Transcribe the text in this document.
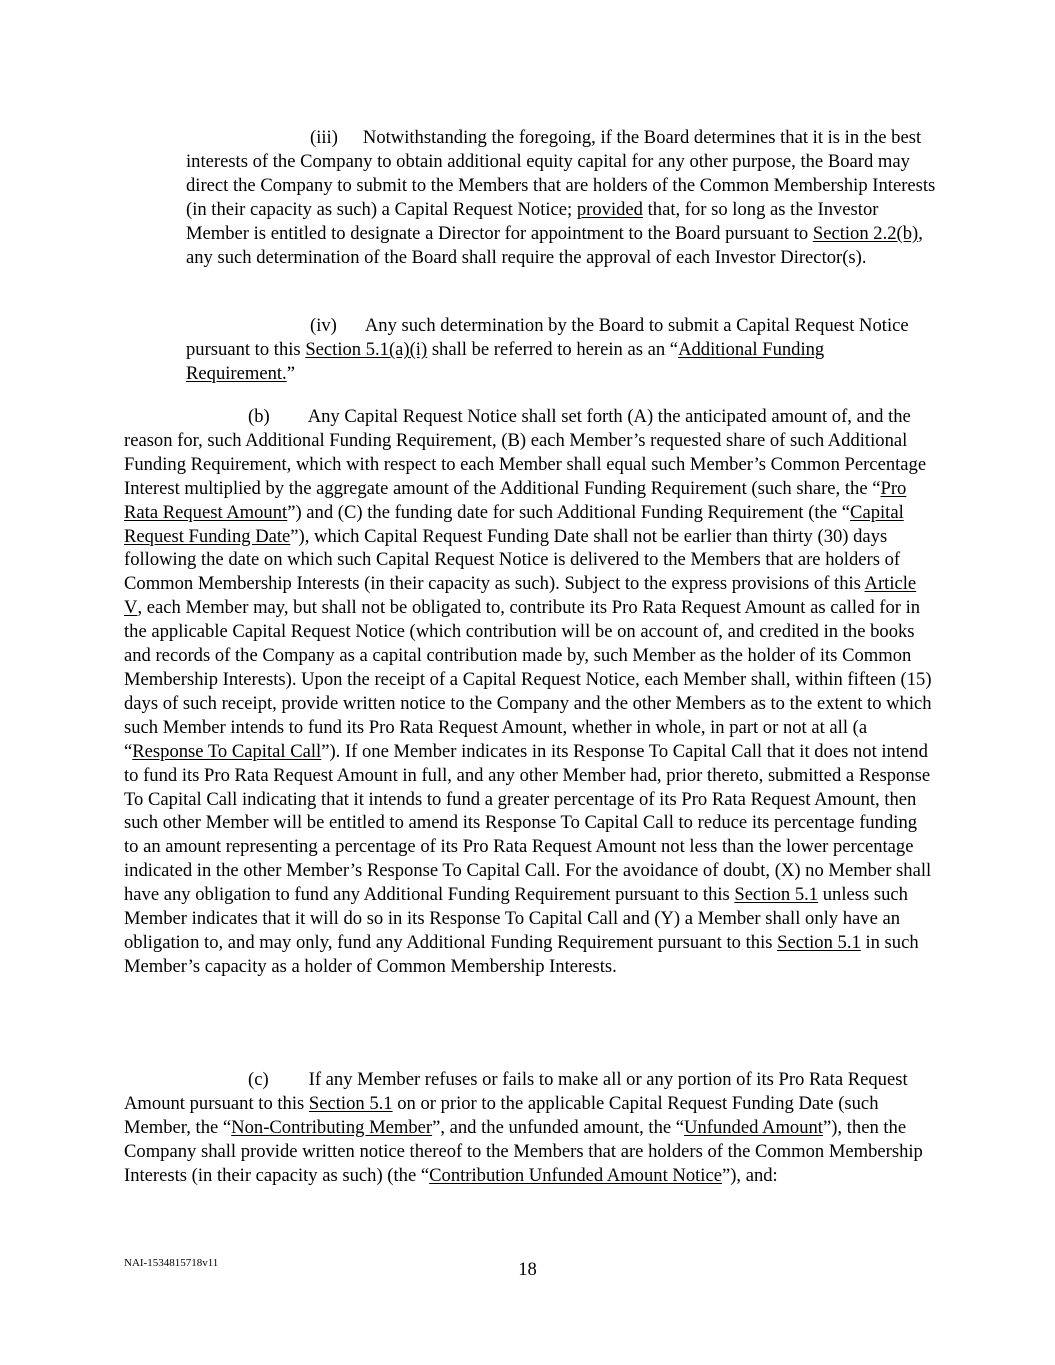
(iii) Notwithstanding the foregoing, if the Board determines that it is in the best interests of the Company to obtain additional equity capital for any other purpose, the Board may direct the Company to submit to the Members that are holders of the Common Membership Interests (in their capacity as such) a Capital Request Notice; provided that, for so long as the Investor Member is entitled to designate a Director for appointment to the Board pursuant to Section 2.2(b), any such determination of the Board shall require the approval of each Investor Director(s).

(iv) Any such determination by the Board to submit a Capital Request Notice pursuant to this Section 5.1(a)(i) shall be referred to herein as an “Additional Funding Requirement.”

(b) Any Capital Request Notice shall set forth (A) the anticipated amount of, and the reason for, such Additional Funding Requirement, (B) each Member’s requested share of such Additional Funding Requirement, which with respect to each Member shall equal such Member’s Common Percentage Interest multiplied by the aggregate amount of the Additional Funding Requirement (such share, the “Pro Rata Request Amount”) and (C) the funding date for such Additional Funding Requirement (the “Capital Request Funding Date”), which Capital Request Funding Date shall not be earlier than thirty (30) days following the date on which such Capital Request Notice is delivered to the Members that are holders of Common Membership Interests (in their capacity as such). Subject to the express provisions of this Article V, each Member may, but shall not be obligated to, contribute its Pro Rata Request Amount as called for in the applicable Capital Request Notice (which contribution will be on account of, and credited in the books and records of the Company as a capital contribution made by, such Member as the holder of its Common Membership Interests). Upon the receipt of a Capital Request Notice, each Member shall, within fifteen (15) days of such receipt, provide written notice to the Company and the other Members as to the extent to which such Member intends to fund its Pro Rata Request Amount, whether in whole, in part or not at all (a “Response To Capital Call”). If one Member indicates in its Response To Capital Call that it does not intend to fund its Pro Rata Request Amount in full, and any other Member had, prior thereto, submitted a Response To Capital Call indicating that it intends to fund a greater percentage of its Pro Rata Request Amount, then such other Member will be entitled to amend its Response To Capital Call to reduce its percentage funding to an amount representing a percentage of its Pro Rata Request Amount not less than the lower percentage indicated in the other Member’s Response To Capital Call. For the avoidance of doubt, (X) no Member shall have any obligation to fund any Additional Funding Requirement pursuant to this Section 5.1 unless such Member indicates that it will do so in its Response To Capital Call and (Y) a Member shall only have an obligation to, and may only, fund any Additional Funding Requirement pursuant to this Section 5.1 in such Member’s capacity as a holder of Common Membership Interests.

(c) If any Member refuses or fails to make all or any portion of its Pro Rata Request Amount pursuant to this Section 5.1 on or prior to the applicable Capital Request Funding Date (such Member, the “Non-Contributing Member”, and the unfunded amount, the “Unfunded Amount”), then the Company shall provide written notice thereof to the Members that are holders of the Common Membership Interests (in their capacity as such) (the “Contribution Unfunded Amount Notice”), and:

NAI-1534815718v11	18
